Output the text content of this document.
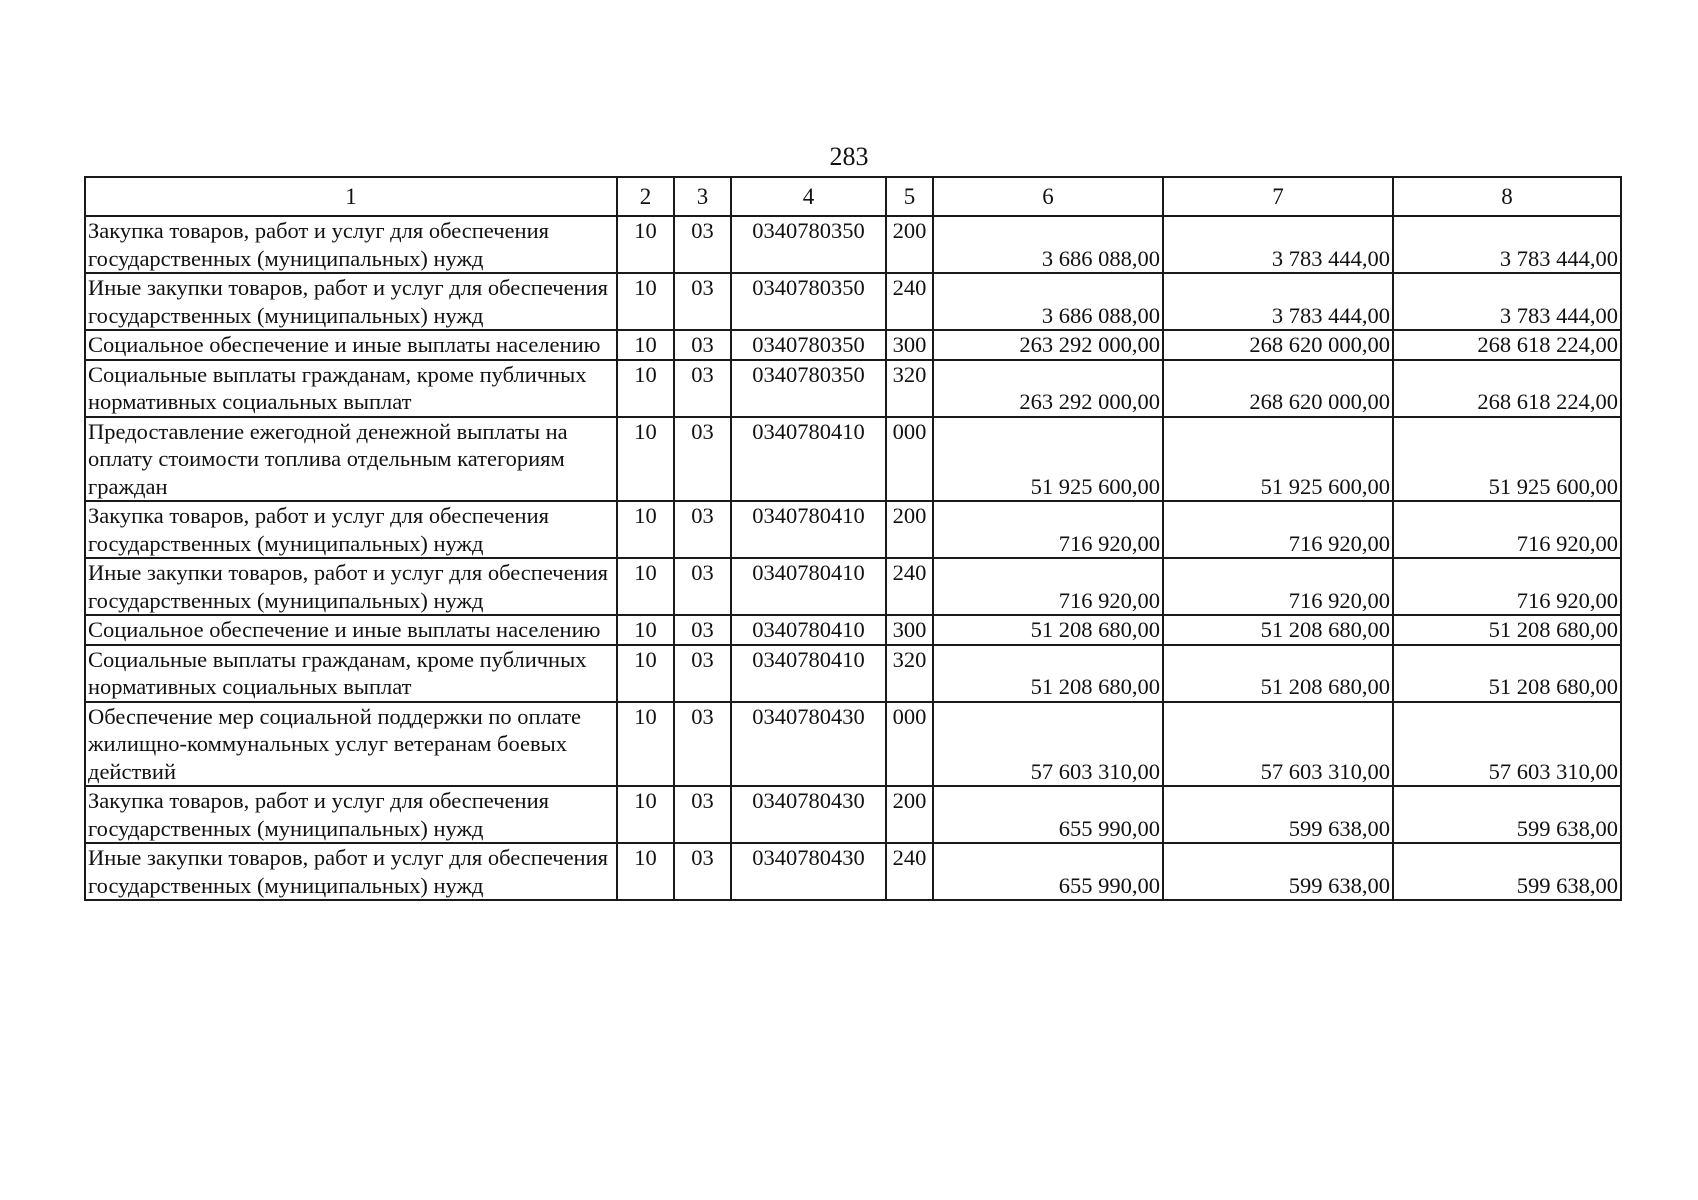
283
1	2	3	4	5	6	7	8
Закупка товаров, работ и услуг для обеспечения государственных (муниципальных) нужд	10	03	0340780350	200	3 686 088,00	3 783 444,00	3 783 444,00
Иные закупки товаров, работ и услуг для обеспечения государственных (муниципальных) нужд	10	03	0340780350	240	3 686 088,00	3 783 444,00	3 783 444,00
Социальное обеспечение и иные выплаты населению	10	03	0340780350	300	263 292 000,00	268 620 000,00	268 618 224,00
Социальные выплаты гражданам, кроме публичных нормативных социальных выплат	10	03	0340780350	320	263 292 000,00	268 620 000,00	268 618 224,00
Предоставление ежегодной денежной выплаты на оплату стоимости топлива отдельным категориям граждан	10	03	0340780410	000	51 925 600,00	51 925 600,00	51 925 600,00
Закупка товаров, работ и услуг для обеспечения государственных (муниципальных) нужд	10	03	0340780410	200	716 920,00	716 920,00	716 920,00
Иные закупки товаров, работ и услуг для обеспечения государственных (муниципальных) нужд	10	03	0340780410	240	716 920,00	716 920,00	716 920,00
Социальное обеспечение и иные выплаты населению	10	03	0340780410	300	51 208 680,00	51 208 680,00	51 208 680,00
Социальные выплаты гражданам, кроме публичных нормативных социальных выплат	10	03	0340780410	320	51 208 680,00	51 208 680,00	51 208 680,00
Обеспечение мер социальной поддержки по оплате жилищно-коммунальных услуг ветеранам боевых действий	10	03	0340780430	000	57 603 310,00	57 603 310,00	57 603 310,00
Закупка товаров, работ и услуг для обеспечения государственных (муниципальных) нужд	10	03	0340780430	200	655 990,00	599 638,00	599 638,00
Иные закупки товаров, работ и услуг для обеспечения государственных (муниципальных) нужд	10	03	0340780430	240	655 990,00	599 638,00	599 638,00
